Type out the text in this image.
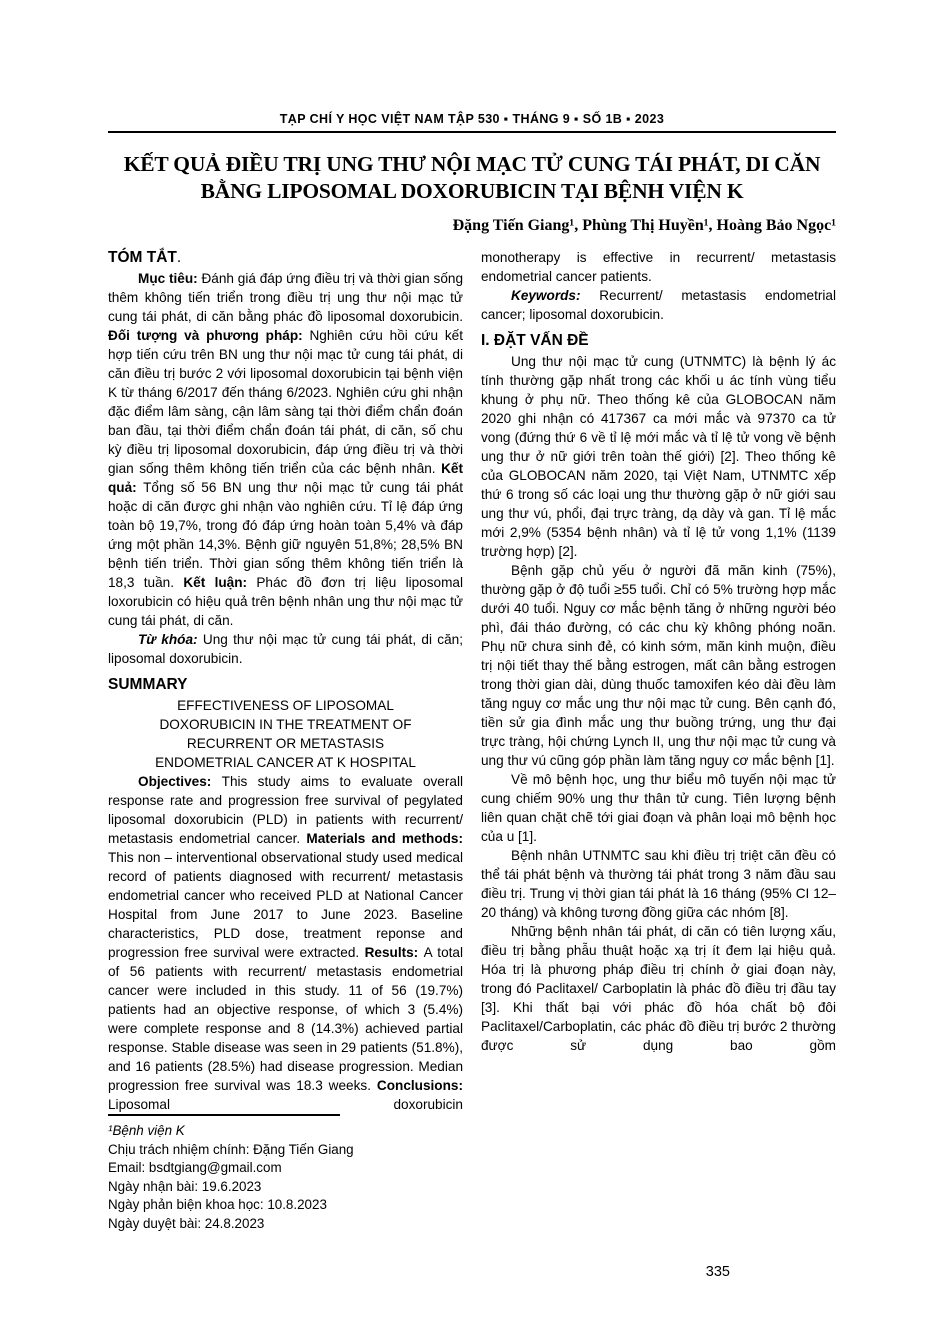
TẠP CHÍ Y HỌC VIỆT NAM TẬP 530 ▪ THÁNG 9 ▪ SỐ 1B ▪ 2023
KẾT QUẢ ĐIỀU TRỊ UNG THƯ NỘI MẠC TỬ CUNG TÁI PHÁT, DI CĂN
BẰNG LIPOSOMAL DOXORUBICIN TẠI BỆNH VIỆN K
Đặng Tiến Giang¹, Phùng Thị Huyền¹, Hoàng Bảo Ngọc¹
TÓM TẮT.
Mục tiêu: Đánh giá đáp ứng điều trị và thời gian sống thêm không tiến triển trong điều trị ung thư nội mạc tử cung tái phát, di căn bằng phác đồ liposomal doxorubicin. Đối tượng và phương pháp: Nghiên cứu hồi cứu kết hợp tiến cứu trên BN ung thư nội mạc tử cung tái phát, di căn điều trị bước 2 với liposomal doxorubicin tại bệnh viện K từ tháng 6/2017 đến tháng 6/2023. Nghiên cứu ghi nhận đặc điểm lâm sàng, cận lâm sàng tại thời điểm chẩn đoán ban đầu, tại thời điểm chẩn đoán tái phát, di căn, số chu kỳ điều trị liposomal doxorubicin, đáp ứng điều trị và thời gian sống thêm không tiến triển của các bệnh nhân. Kết quả: Tổng số 56 BN ung thư nội mạc tử cung tái phát hoặc di căn được ghi nhận vào nghiên cứu. Tỉ lệ đáp ứng toàn bộ 19,7%, trong đó đáp ứng hoàn toàn 5,4% và đáp ứng một phần 14,3%. Bệnh giữ nguyên 51,8%; 28,5% BN bệnh tiến triển. Thời gian sống thêm không tiến triển là 18,3 tuần. Kết luận: Phác đồ đơn trị liệu liposomal loxorubicin có hiệu quả trên bệnh nhân ung thư nội mạc tử cung tái phát, di căn.
Từ khóa: Ung thư nội mạc tử cung tái phát, di căn; liposomal doxorubicin.
SUMMARY
EFFECTIVENESS OF LIPOSOMAL
DOXORUBICIN IN THE TREATMENT OF
RECURRENT OR METASTASIS
ENDOMETRIAL CANCER AT K HOSPITAL
Objectives: This study aims to evaluate overall response rate and progression free survival of pegylated liposomal doxorubicin (PLD) in patients with recurrent/ metastasis endometrial cancer. Materials and methods: This non – interventional observational study used medical record of patients diagnosed with recurrent/ metastasis endometrial cancer who received PLD at National Cancer Hospital from June 2017 to June 2023. Baseline characteristics, PLD dose, treatment reponse and progression free survival were extracted. Results: A total of 56 patients with recurrent/ metastasis endometrial cancer were included in this study. 11 of 56 (19.7%) patients had an objective response, of which 3 (5.4%) were complete response and 8 (14.3%) achieved partial response. Stable disease was seen in 29 patients (51.8%), and 16 patients (28.5%) had disease progression. Median progression free survival was 18.3 weeks. Conclusions: Liposomal doxorubicin
¹Bệnh viện K
Chịu trách nhiệm chính: Đặng Tiến Giang
Email: bsdtgiang@gmail.com
Ngày nhận bài: 19.6.2023
Ngày phản biện khoa học: 10.8.2023
Ngày duyệt bài: 24.8.2023
monotherapy is effective in recurrent/ metastasis endometrial cancer patients.
Keywords: Recurrent/ metastasis endometrial cancer; liposomal doxorubicin.
I. ĐẶT VẤN ĐỀ
Ung thư nội mạc tử cung (UTNMTC) là bệnh lý ác tính thường gặp nhất trong các khối u ác tính vùng tiểu khung ở phụ nữ. Theo thống kê của GLOBOCAN năm 2020 ghi nhận có 417367 ca mới mắc và 97370 ca tử vong (đứng thứ 6 về tỉ lệ mới mắc và tỉ lệ tử vong về bệnh ung thư ở nữ giới trên toàn thế giới) [2]. Theo thống kê của GLOBOCAN năm 2020, tại Việt Nam, UTNMTC xếp thứ 6 trong số các loại ung thư thường gặp ở nữ giới sau ung thư vú, phổi, đại trực tràng, dạ dày và gan. Tỉ lệ mắc mới 2,9% (5354 bệnh nhân) và tỉ lệ tử vong 1,1% (1139 trường hợp) [2].
Bệnh gặp chủ yếu ở người đã mãn kinh (75%), thường gặp ở độ tuổi ≥55 tuổi. Chỉ có 5% trường hợp mắc dưới 40 tuổi. Nguy cơ mắc bệnh tăng ở những người béo phì, đái tháo đường, có các chu kỳ không phóng noãn. Phụ nữ chưa sinh đẻ, có kinh sớm, mãn kinh muộn, điều trị nội tiết thay thế bằng estrogen, mất cân bằng estrogen trong thời gian dài, dùng thuốc tamoxifen kéo dài đều làm tăng nguy cơ mắc ung thư nội mạc tử cung. Bên cạnh đó, tiền sử gia đình mắc ung thư buồng trứng, ung thư đại trực tràng, hội chứng Lynch II, ung thư nội mạc tử cung và ung thư vú cũng góp phần làm tăng nguy cơ mắc bệnh [1].
Về mô bệnh học, ung thư biểu mô tuyến nội mạc tử cung chiếm 90% ung thư thân tử cung. Tiên lượng bệnh liên quan chặt chẽ tới giai đoạn và phân loại mô bệnh học của u [1].
Bệnh nhân UTNMTC sau khi điều trị triệt căn đều có thể tái phát bệnh và thường tái phát trong 3 năm đầu sau điều trị. Trung vị thời gian tái phát là 16 tháng (95% CI 12–20 tháng) và không tương đồng giữa các nhóm [8].
Những bệnh nhân tái phát, di căn có tiên lượng xấu, điều trị bằng phẫu thuật hoặc xạ trị ít đem lại hiệu quả. Hóa trị là phương pháp điều trị chính ở giai đoạn này, trong đó Paclitaxel/ Carboplatin là phác đồ điều trị đầu tay [3]. Khi thất bại với phác đồ hóa chất bộ đôi Paclitaxel/Carboplatin, các phác đồ điều trị bước 2 thường được sử dụng bao gồm
335
